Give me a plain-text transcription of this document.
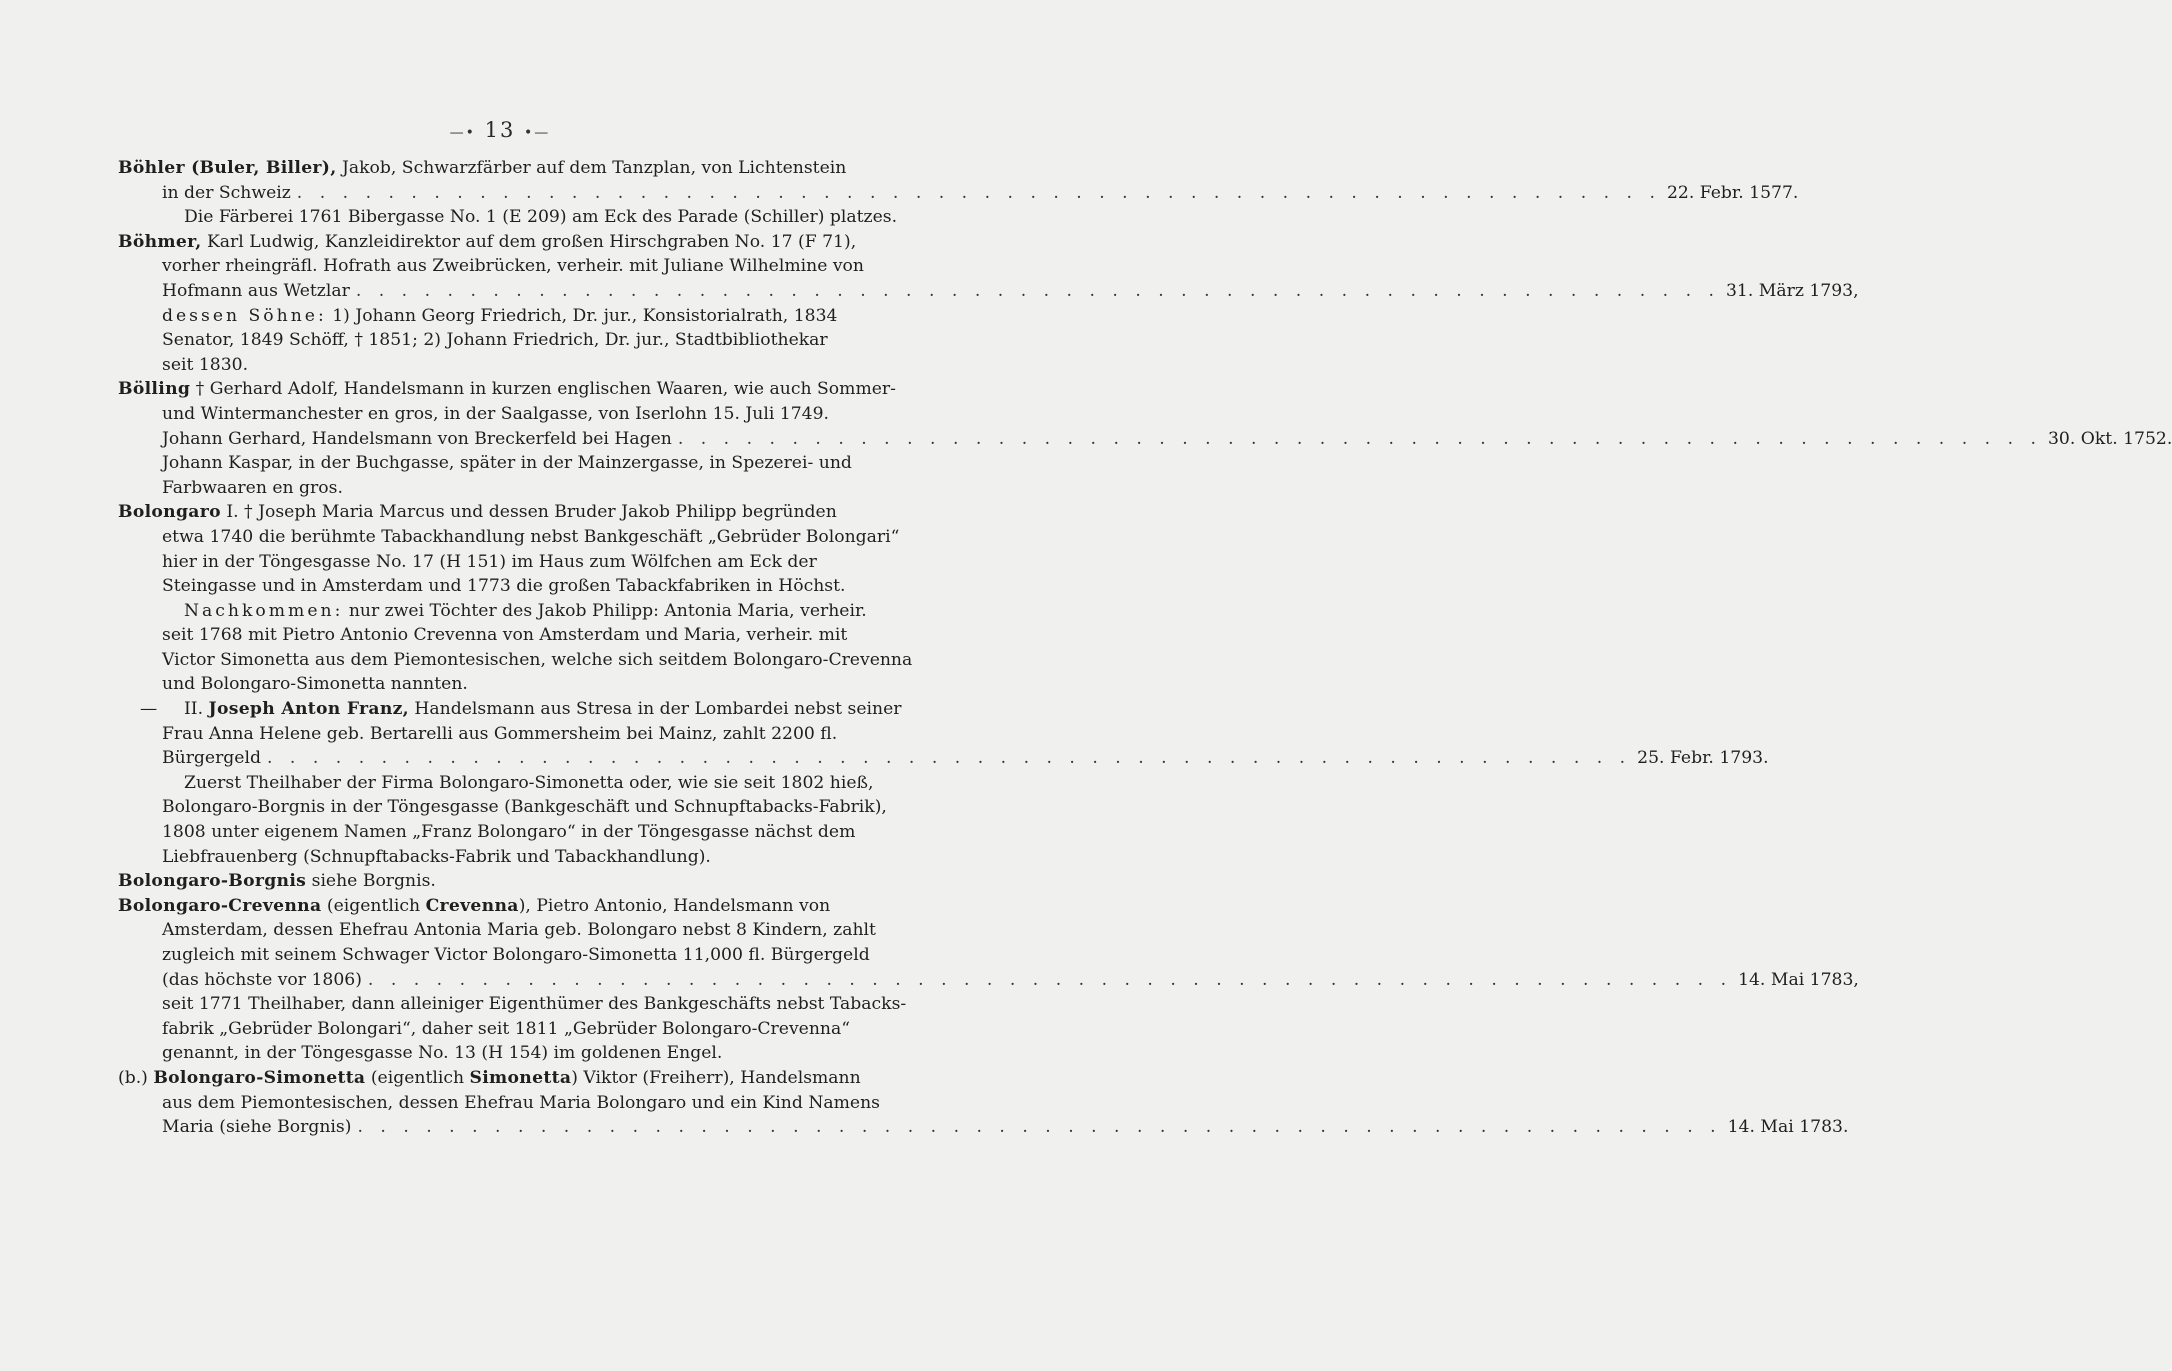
—• 13 •—
Böhler (Buler, Biller), Jakob, Schwarzfärber auf dem Tanzplan, von Lichtenstein
in der Schweiz . . . . . . . . . . . . . . . . . . . . . . . . . . . . . . . . . . . . . . . . . . . . . . . . . . . . . . . . . . . . 22. Febr. 1577.
Die Färberei 1761 Bibergasse No. 1 (E 209) am Eck des Parade (Schiller) platzes.
Böhmer, Karl Ludwig, Kanzleidirektor auf dem großen Hirschgraben No. 17 (F 71),
vorher rheingräfl. Hofrath aus Zweibrücken, verheir. mit Juliane Wilhelmine von
Hofmann aus Wetzlar . . . . . . . . . . . . . . . . . . . . . . . . . . . . . . . . . . . . . . . . . . . . . . . . . . . . . . . . . . . . 31. März 1793,
dessen Söhne: 1) Johann Georg Friedrich, Dr. jur., Konsistorialrath, 1834
Senator, 1849 Schöff, † 1851; 2) Johann Friedrich, Dr. jur., Stadtbibliothekar
seit 1830.
Bölling † Gerhard Adolf, Handelsmann in kurzen englischen Waaren, wie auch Sommer-
und Wintermanchester en gros, in der Saalgasse, von Iserlohn 15. Juli 1749.
Johann Gerhard, Handelsmann von Breckerfeld bei Hagen . . . . . . . . . . . . . . . . . . . . . . . . . . . . . . . . . . . . . . . . . . . . . . . . . . . . . . . . . . . . 30. Okt. 1752.
Johann Kaspar, in der Buchgasse, später in der Mainzergasse, in Spezerei- und
Farbwaaren en gros.
Bolongaro I. † Joseph Maria Marcus und dessen Bruder Jakob Philipp begründen
etwa 1740 die berühmte Tabackhandlung nebst Bankgeschäft „Gebrüder Bolongari“
hier in der Töngesgasse No. 17 (H 151) im Haus zum Wölfchen am Eck der
Steingasse und in Amsterdam und 1773 die großen Tabackfabriken in Höchst.
Nachkommen: nur zwei Töchter des Jakob Philipp: Antonia Maria, verheir.
seit 1768 mit Pietro Antonio Crevenna von Amsterdam und Maria, verheir. mit
Victor Simonetta aus dem Piemontesischen, welche sich seitdem Bolongaro-Crevenna
und Bolongaro-Simonetta nannten.
— II. Joseph Anton Franz, Handelsmann aus Stresa in der Lombardei nebst seiner
Frau Anna Helene geb. Bertarelli aus Gommersheim bei Mainz, zahlt 2200 fl.
Bürgergeld . . . . . . . . . . . . . . . . . . . . . . . . . . . . . . . . . . . . . . . . . . . . . . . . . . . . . . . . . . . . 25. Febr. 1793.
Zuerst Theilhaber der Firma Bolongaro-Simonetta oder, wie sie seit 1802 hieß,
Bolongaro-Borgnis in der Töngesgasse (Bankgeschäft und Schnupftabacks-Fabrik),
1808 unter eigenem Namen „Franz Bolongaro“ in der Töngesgasse nächst dem
Liebfrauenberg (Schnupftabacks-Fabrik und Tabackhandlung).
Bolongaro-Borgnis siehe Borgnis.
Bolongaro-Crevenna (eigentlich Crevenna), Pietro Antonio, Handelsmann von
Amsterdam, dessen Ehefrau Antonia Maria geb. Bolongaro nebst 8 Kindern, zahlt
zugleich mit seinem Schwager Victor Bolongaro-Simonetta 11,000 fl. Bürgergeld
(das höchste vor 1806) . . . . . . . . . . . . . . . . . . . . . . . . . . . . . . . . . . . . . . . . . . . . . . . . . . . . . . . . . . . . 14. Mai 1783,
seit 1771 Theilhaber, dann alleiniger Eigenthümer des Bankgeschäfts nebst Tabacks-
fabrik „Gebrüder Bolongari“, daher seit 1811 „Gebrüder Bolongaro-Crevenna“
genannt, in der Töngesgasse No. 13 (H 154) im goldenen Engel.
(b.) Bolongaro-Simonetta (eigentlich Simonetta) Viktor (Freiherr), Handelsmann
aus dem Piemontesischen, dessen Ehefrau Maria Bolongaro und ein Kind Namens
Maria (siehe Borgnis) . . . . . . . . . . . . . . . . . . . . . . . . . . . . . . . . . . . . . . . . . . . . . . . . . . . . . . . . . . . . 14. Mai 1783.
